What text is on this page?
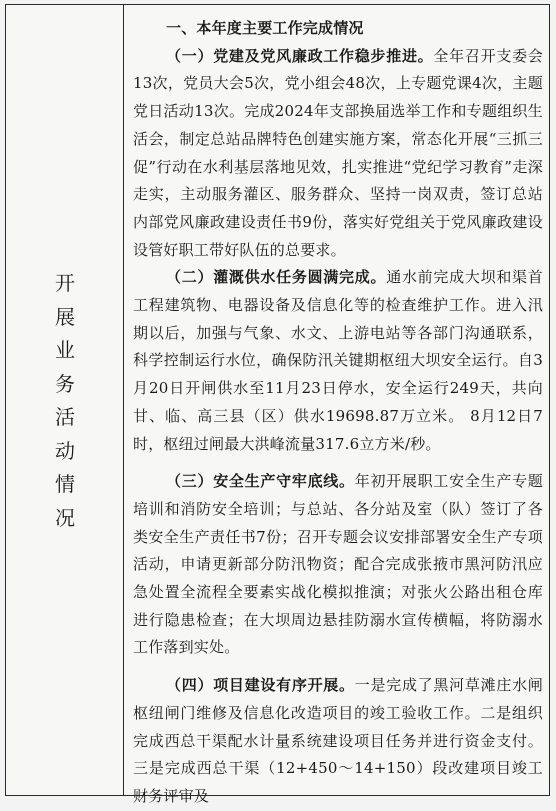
开
展
业
务
活
动
情
况

一、本年度主要工作完成情况

（一）党建及党风廉政工作稳步推进。全年召开支委会13次，党员大会5次，党小组会48次，上专题党课4次，主题党日活动13次。完成2024年支部换届选举工作和专题组织生活会，制定总站品牌特色创建实施方案，常态化开展“三抓三促”行动在水利基层落地见效，扎实推进“党纪学习教育”走深走实，主动服务灌区、服务群众、坚持一岗双责，签订总站内部党风廉政建设责任书9份，落实好党组关于党风廉政建设设管好职工带好队伍的总要求。

（二）灌溉供水任务圆满完成。通水前完成大坝和渠首工程建筑物、电器设备及信息化等的检查维护工作。进入汛期以后，加强与气象、水文、上游电站等各部门沟通联系，科学控制运行水位，确保防汛关键期枢纽大坝安全运行。自3月20日开闸供水至11月23日停水，安全运行249天，共向甘、临、高三县（区）供水19698.87万立米。 8月12日7时，枢纽过闸最大洪峰流量317.6立方米/秒。

（三）安全生产守牢底线。年初开展职工安全生产专题培训和消防安全培训；与总站、各分站及室（队）签订了各类安全生产责任书7份；召开专题会议安排部署安全生产专项活动，申请更新部分防汛物资；配合完成张掖市黑河防汛应急处置全流程全要素实战化模拟推演；对张火公路出租仓库进行隐患检查；在大坝周边悬挂防溺水宣传横幅，将防溺水工作落到实处。

（四）项目建设有序开展。一是完成了黑河草滩庄水闸枢纽闸门维修及信息化改造项目的竣工验收工作。二是组织完成西总干渠配水计量系统建设项目任务并进行资金支付。三是完成西总干渠（12+450～14+150）段改建项目竣工财务评审及
